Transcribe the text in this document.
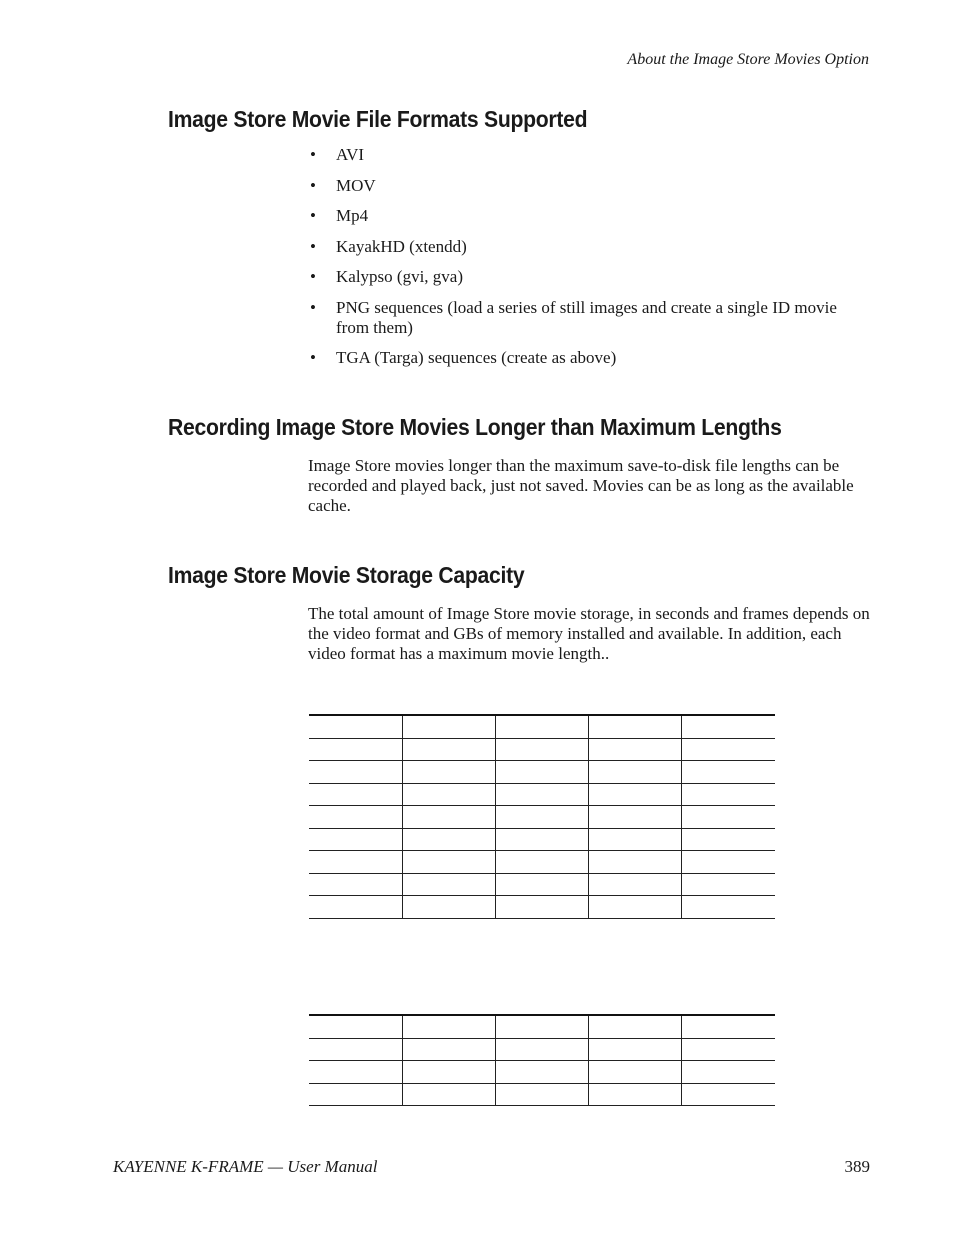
About the Image Store Movies Option
Image Store Movie File Formats Supported
• AVI
• MOV
• Mp4
• KayakHD (xtendd)
• Kalypso (gvi, gva)
• PNG sequences (load a series of still images and create a single ID movie from them)
• TGA (Targa) sequences (create as above)
Recording Image Store Movies Longer than Maximum Lengths

Image Store movies longer than the maximum save-to-disk file lengths can be recorded and played back, just not saved. Movies can be as long as the available cache.

Image Store Movie Storage Capacity

The total amount of Image Store movie storage, in seconds and frames depends on the video format and GBs of memory installed and available. In addition, each video format has a maximum movie length..

KAYENNE K-FRAME — User Manual	389
